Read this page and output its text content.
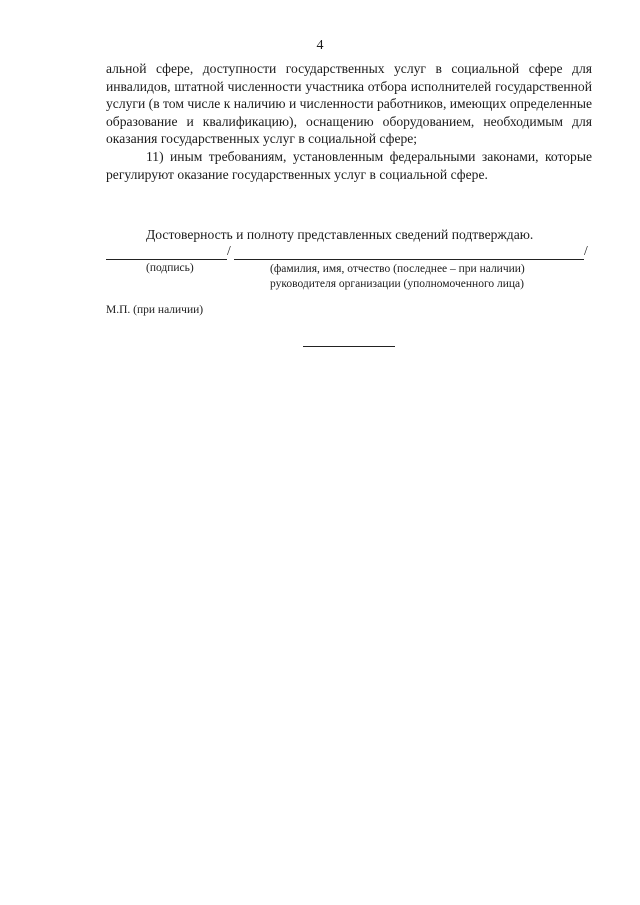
4

альной сфере, доступности государственных услуг в социальной сфере для инвалидов, штатной численности участника отбора исполнителей государственной услуги (в том числе к наличию и численности работников, имеющих определенные образование и квалификацию), оснащению оборудованием, необходимым для оказания государственных услуг в социальной сфере;

11) иным требованиям, установленным федеральными законами, которые регулируют оказание государственных услуг в социальной сфере.

Достоверность и полноту представленных сведений подтверждаю.
/	/
(подпись)	(фамилия, имя, отчество (последнее – при наличии)
руководителя организации (уполномоченного лица)
М.П. (при наличии)
